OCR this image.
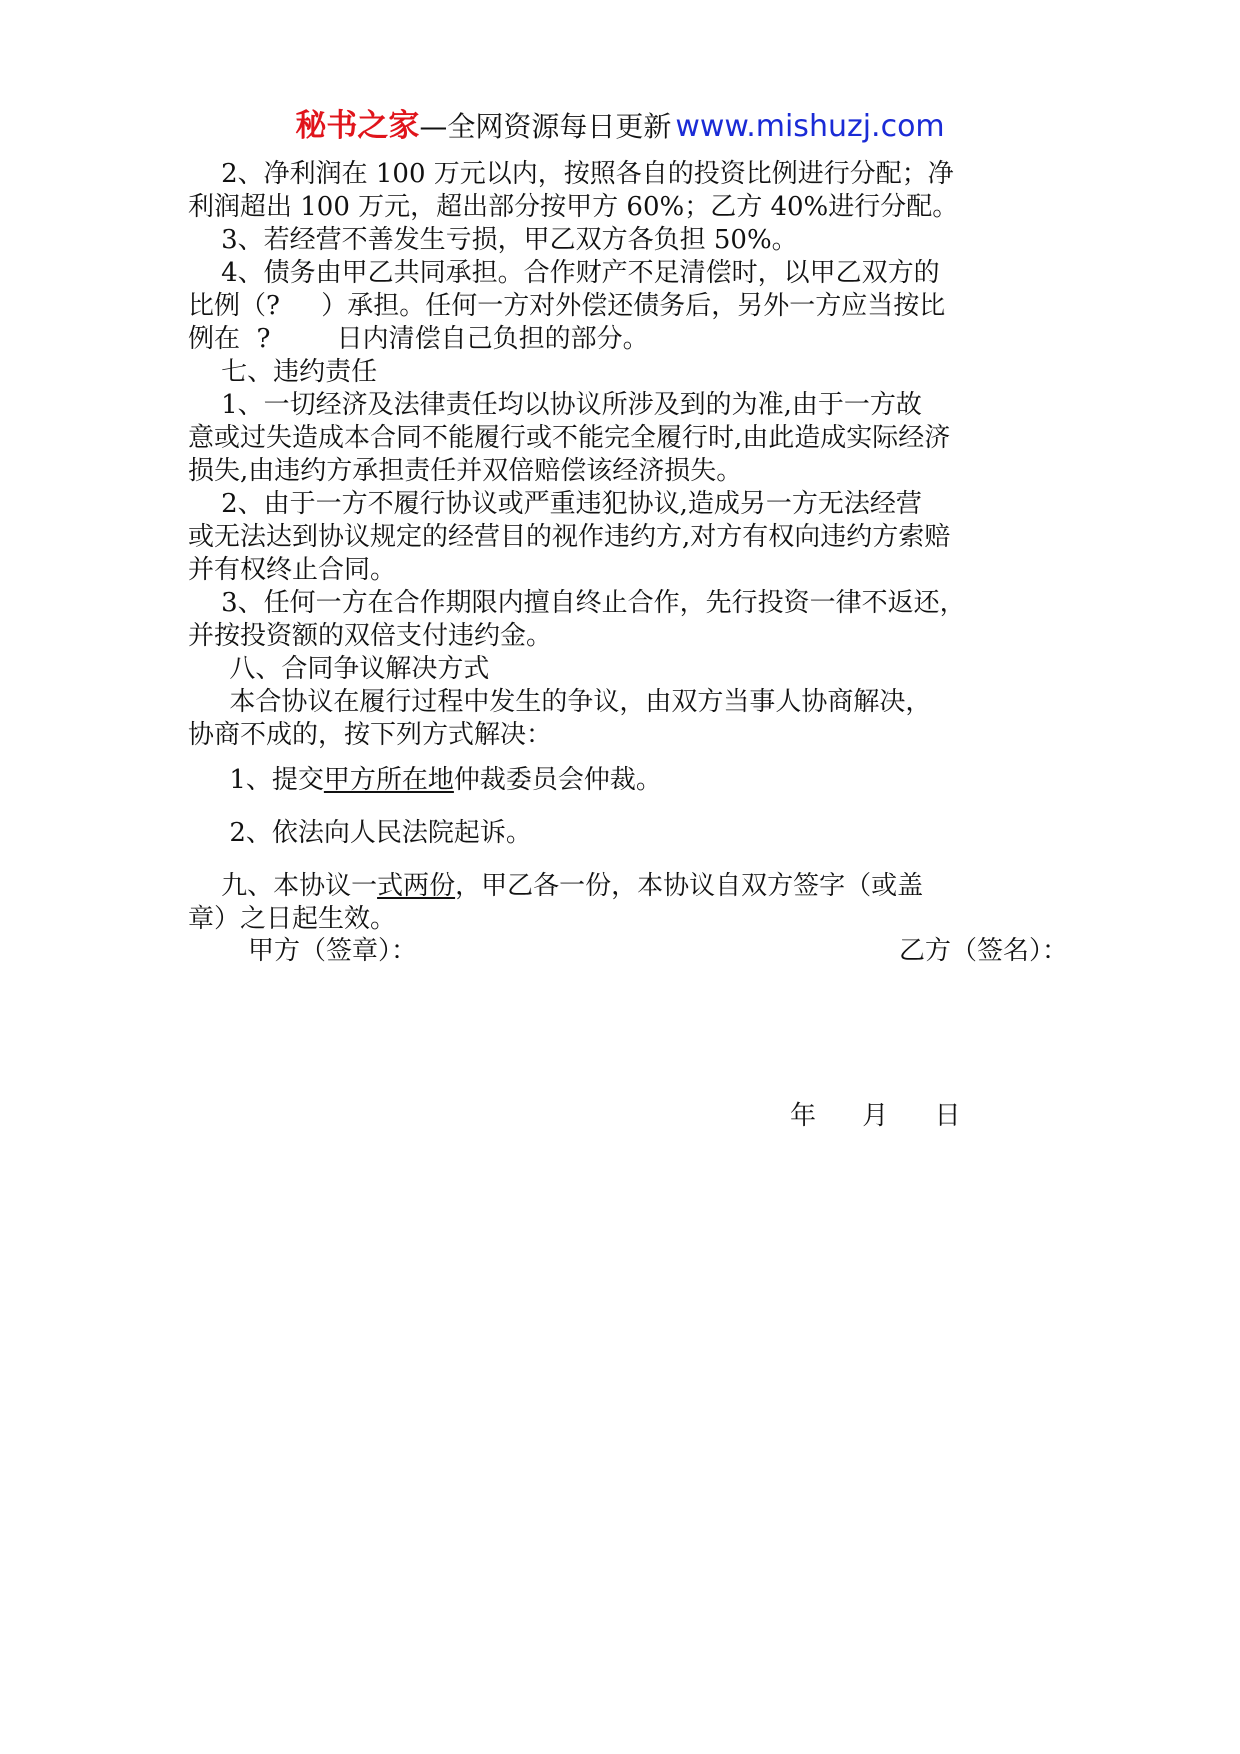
秘书之家—全网资源每日更新 www.mishuzj.com

2、净利润在 100 万元以内，按照各自的投资比例进行分配；净

利润超出 100 万元，超出部分按甲方 60%；乙方 40%进行分配。

3、若经营不善发生亏损，甲乙双方各负担 50%。

4、债务由甲乙共同承担。合作财产不足清偿时，以甲乙双方的

比例（?     ）承担。任何一方对外偿还债务后，另外一方应当按比

例在  ?        日内清偿自己负担的部分。

七、违约责任

1、一切经济及法律责任均以协议所涉及到的为准,由于一方故

意或过失造成本合同不能履行或不能完全履行时,由此造成实际经济

损失,由违约方承担责任并双倍赔偿该经济损失。

2、由于一方不履行协议或严重违犯协议,造成另一方无法经营

或无法达到协议规定的经营目的视作违约方,对方有权向违约方索赔

并有权终止合同。

3、任何一方在合作期限内擅自终止合作，先行投资一律不返还，

并按投资额的双倍支付违约金。

八、合同争议解决方式

本合协议在履行过程中发生的争议，由双方当事人协商解决，

协商不成的，按下列方式解决：

1、提交甲方所在地仲裁委员会仲裁。

2、依法向人民法院起诉。

九、本协议一式两份，甲乙各一份，本协议自双方签字（或盖

章）之日起生效。

甲方（签章）：	乙方（签名）：
年 月 日
